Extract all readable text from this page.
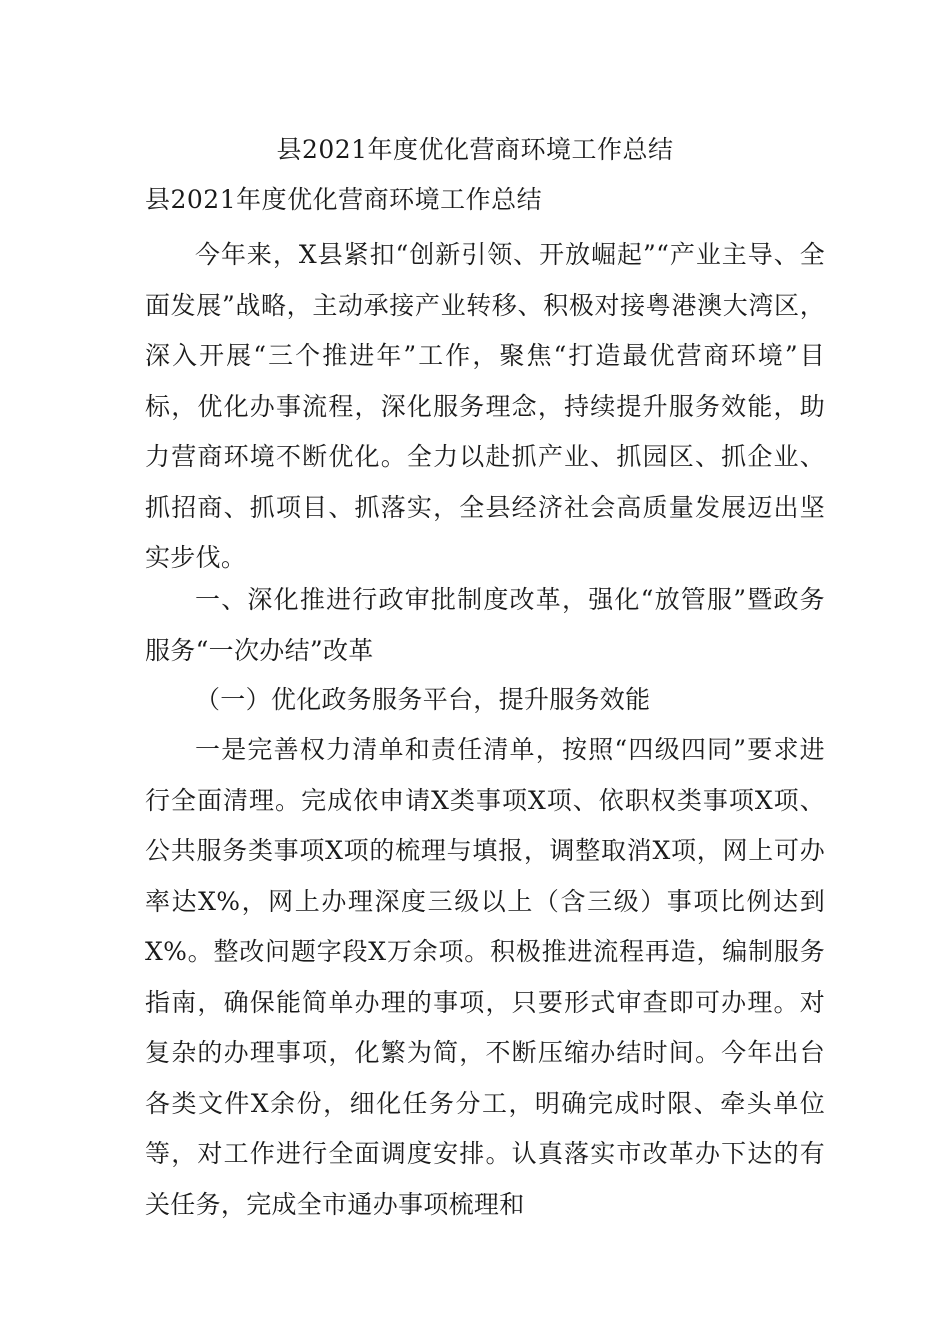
县2021年度优化营商环境工作总结
县2021年度优化营商环境工作总结

今年来，X县紧扣“创新引领、开放崛起”“产业主导、全面发展”战略，主动承接产业转移、积极对接粤港澳大湾区，深入开展“三个推进年”工作，聚焦“打造最优营商环境”目标，优化办事流程，深化服务理念，持续提升服务效能，助力营商环境不断优化。全力以赴抓产业、抓园区、抓企业、抓招商、抓项目、抓落实，全县经济社会高质量发展迈出坚实步伐。

一、深化推进行政审批制度改革，强化“放管服”暨政务服务“一次办结”改革

（一）优化政务服务平台，提升服务效能

一是完善权力清单和责任清单，按照“四级四同”要求进行全面清理。完成依申请X类事项X项、依职权类事项X项、公共服务类事项X项的梳理与填报，调整取消X项，网上可办率达X%，网上办理深度三级以上（含三级）事项比例达到X%。整改问题字段X万余项。积极推进流程再造，编制服务指南，确保能简单办理的事项，只要形式审查即可办理。对复杂的办理事项，化繁为简，不断压缩办结时间。今年出台各类文件X余份，细化任务分工，明确完成时限、牵头单位等，对工作进行全面调度安排。认真落实市改革办下达的有关任务，完成全市通办事项梳理和
